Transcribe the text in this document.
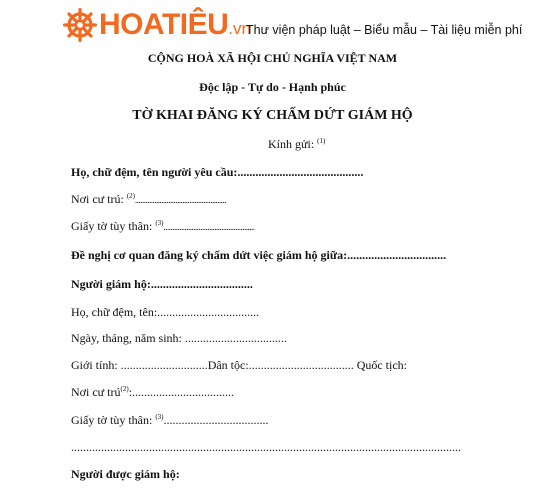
HOATIÊU.vn
Thư viện pháp luật – Biểu mẫu – Tài liệu miễn phí
CỘNG HOÀ XÃ HỘI CHỦ NGHĨA VIỆT NAM
Độc lập - Tự do - Hạnh phúc
TỜ KHAI ĐĂNG KÝ CHẤM DỨT GIÁM HỘ
Kính gửi: $^{(1)}$
Họ, chữ đệm, tên người yêu cầu:..........................................
Nơi cư trú: $^{(2)}$....................................................
Giấy tờ tùy thân: $^{(3)}$....................................................
Đề nghị cơ quan đăng ký chấm dứt việc giám hộ giữa:.................................
Người giám hộ:..................................
Họ, chữ đệm, tên:..................................
Ngày, tháng, năm sinh: ..................................
Giới tính: .............................Dân tộc:................................... Quốc tịch:
Nơi cư trú$^{(2)}$:..................................
Giấy tờ tùy thân: $^{(3)}$...................................
..................................................................................................................................
Người được giám hộ:
